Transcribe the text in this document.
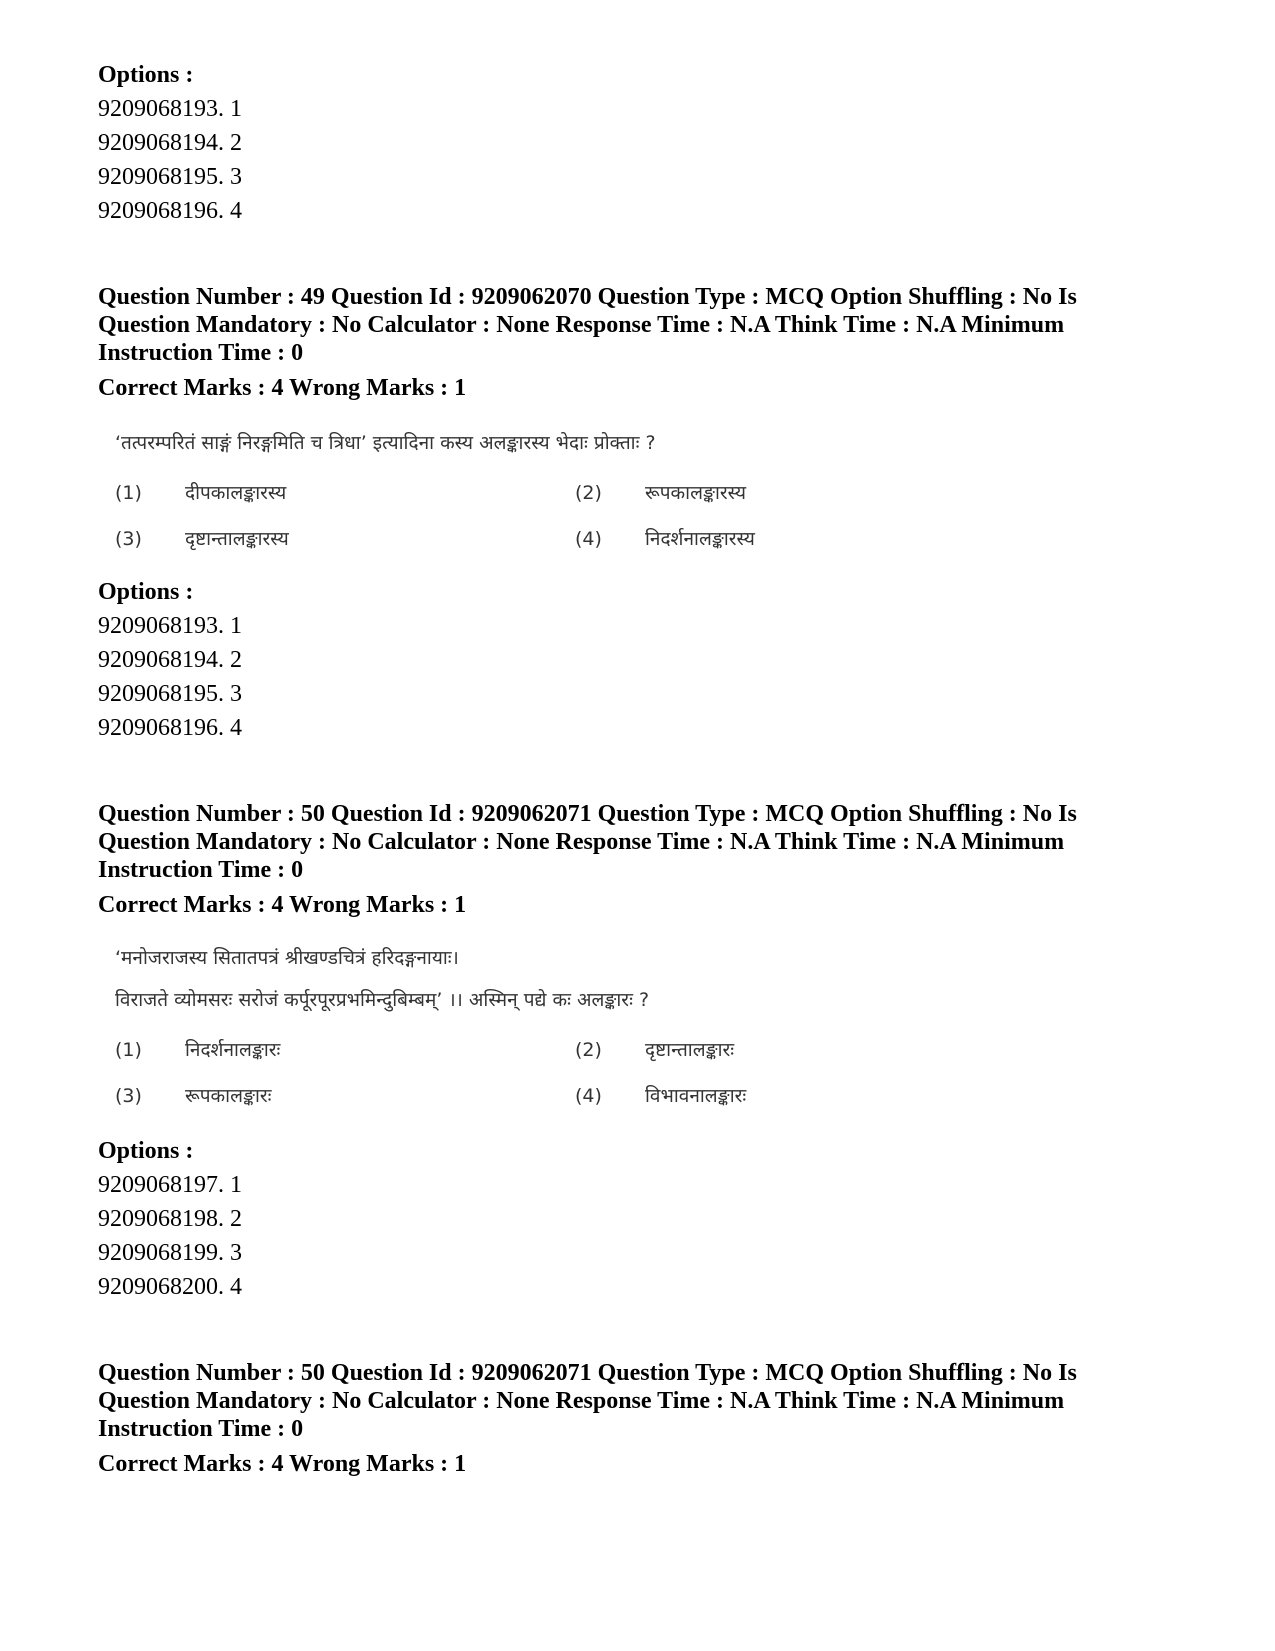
Options :

9209068193. 1

9209068194. 2

9209068195. 3

9209068196. 4

Question Number : 49 Question Id : 9209062070 Question Type : MCQ Option Shuffling : No Is

Question Mandatory : No Calculator : None Response Time : N.A Think Time : N.A Minimum

Instruction Time : 0

Correct Marks : 4 Wrong Marks : 1

‘तत्परम्परितं साङ्गं निरङ्गमिति च त्रिधा’ इत्यादिना कस्य अलङ्कारस्य भेदाः प्रोक्ताः ?

(1)	दीपकालङ्कारस्य	(2)	रूपकालङ्कारस्य
(3)	दृष्टान्तालङ्कारस्य	(4)	निदर्शनालङ्कारस्य

Options :

9209068193. 1

9209068194. 2

9209068195. 3

9209068196. 4

Question Number : 50 Question Id : 9209062071 Question Type : MCQ Option Shuffling : No Is

Question Mandatory : No Calculator : None Response Time : N.A Think Time : N.A Minimum

Instruction Time : 0

Correct Marks : 4 Wrong Marks : 1

‘मनोजराजस्य सितातपत्रं श्रीखण्डचित्रं हरिदङ्गनायाः।

विराजते व्योमसरः सरोजं कर्पूरपूरप्रभमिन्दुबिम्बम्’ ।। अस्मिन् पद्ये कः अलङ्कारः ?

(1)	निदर्शनालङ्कारः	(2)	दृष्टान्तालङ्कारः
(3)	रूपकालङ्कारः	(4)	विभावनालङ्कारः

Options :

9209068197. 1

9209068198. 2

9209068199. 3

9209068200. 4

Question Number : 50 Question Id : 9209062071 Question Type : MCQ Option Shuffling : No Is

Question Mandatory : No Calculator : None Response Time : N.A Think Time : N.A Minimum

Instruction Time : 0

Correct Marks : 4 Wrong Marks : 1
